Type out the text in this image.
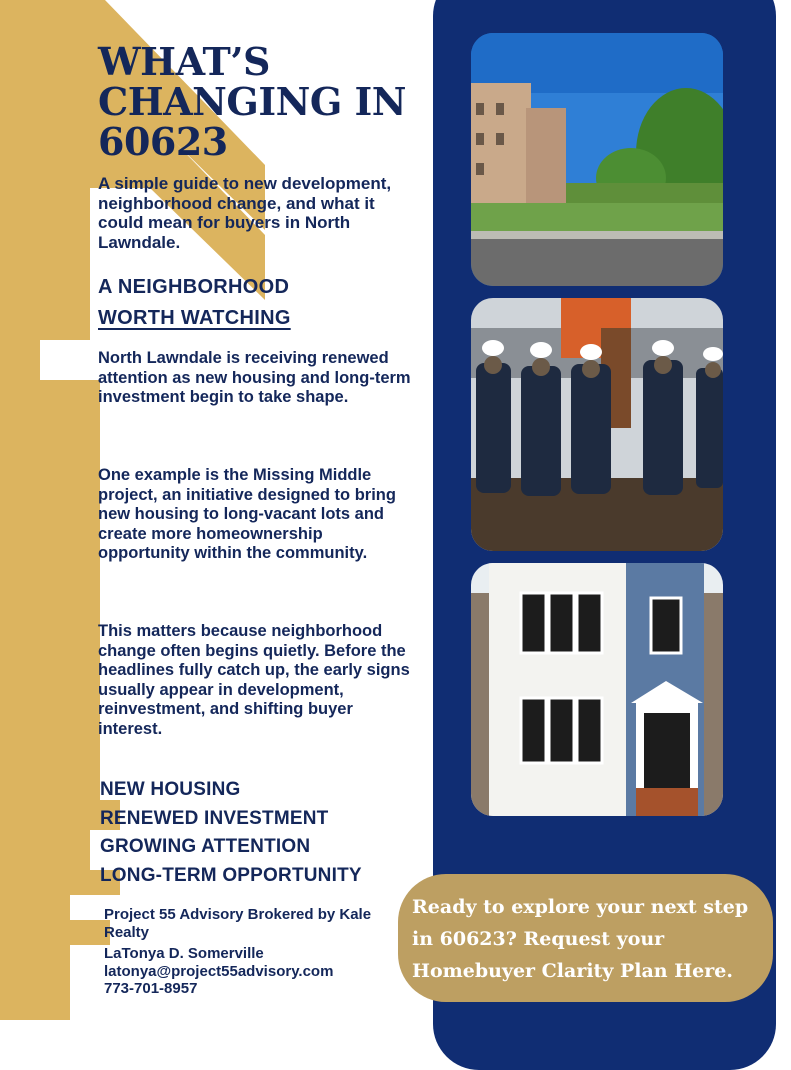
WHAT’S
CHANGING IN
60623

A simple guide to new development, neighborhood change, and what it could mean for buyers in North Lawndale.

A NEIGHBORHOOD
WORTH WATCHING

North Lawndale is receiving renewed attention as new housing and long-term investment begin to take shape.

One example is the Missing Middle project, an initiative designed to bring new housing to long-vacant lots and create more homeownership opportunity within the community.

This matters because neighborhood change often begins quietly. Before the headlines fully catch up, the early signs usually appear in development, reinvestment, and shifting buyer interest.

NEW HOUSING
RENEWED INVESTMENT
GROWING ATTENTION
LONG-TERM OPPORTUNITY
Project 55 Advisory Brokered by Kale Realty
LaTonya D. Somerville
latonya@project55advisory.com
773-701-8957

Ready to explore your next step in 60623? Request your Homebuyer Clarity Plan Here.
